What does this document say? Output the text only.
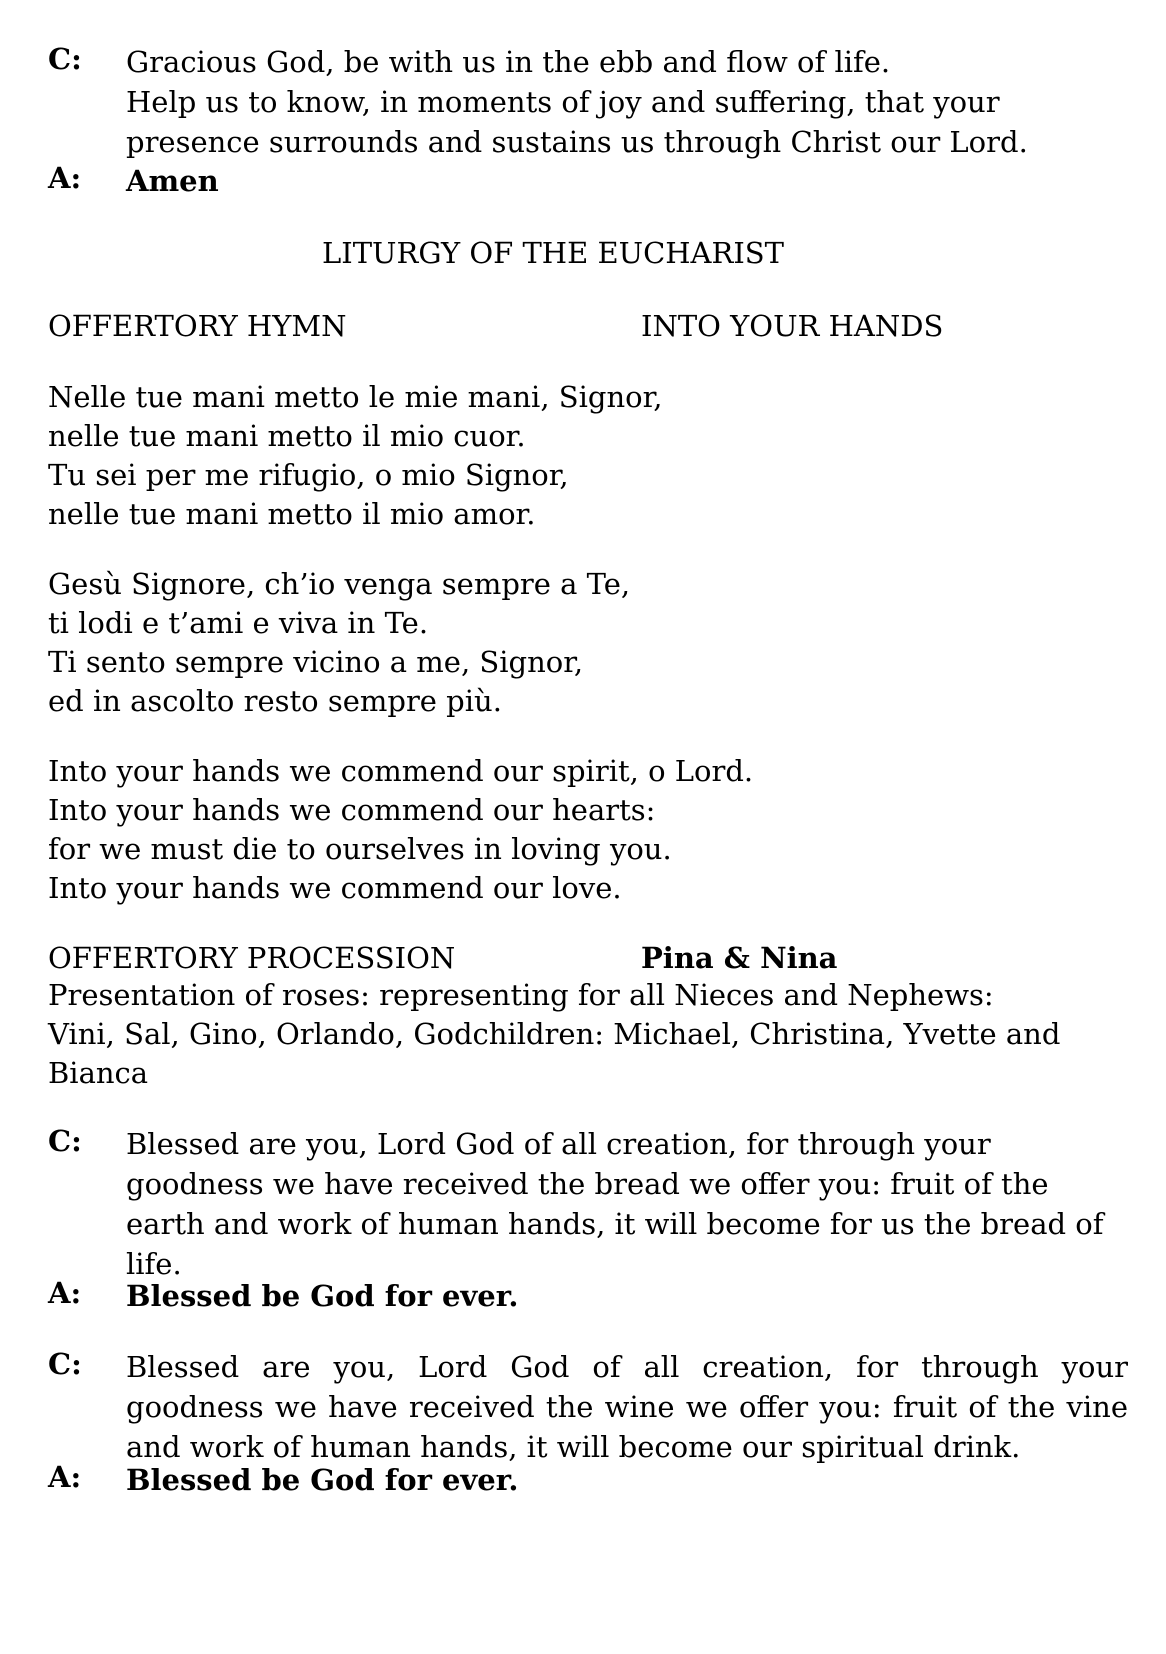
C:	Gracious God, be with us in the ebb and flow of life.
Help us to know, in moments of joy and suffering, that your
presence surrounds and sustains us through Christ our Lord.
A:	Amen
LITURGY OF THE EUCHARIST
OFFERTORY HYMN	INTO YOUR HANDS
Nelle tue mani metto le mie mani, Signor,
nelle tue mani metto il mio cuor.
Tu sei per me rifugio, o mio Signor,
nelle tue mani metto il mio amor.
Gesù Signore, ch’io venga sempre a Te,
ti lodi e t’ami e viva in Te.
Ti sento sempre vicino a me, Signor,
ed in ascolto resto sempre più.
Into your hands we commend our spirit, o Lord.
Into your hands we commend our hearts:
for we must die to ourselves in loving you.
Into your hands we commend our love.
OFFERTORY PROCESSION	Pina & Nina
Presentation of roses: representing for all Nieces and Nephews:
Vini, Sal, Gino, Orlando, Godchildren: Michael, Christina, Yvette and
Bianca
C:	Blessed are you, Lord God of all creation, for through your
goodness we have received the bread we offer you: fruit of the
earth and work of human hands, it will become for us the bread of
life.
A:	Blessed be God for ever.
C:	Blessed are you, Lord God of all creation, for through your
goodness we have received the wine we offer you: fruit of the vine
and work of human hands, it will become our spiritual drink.
A:	Blessed be God for ever.
